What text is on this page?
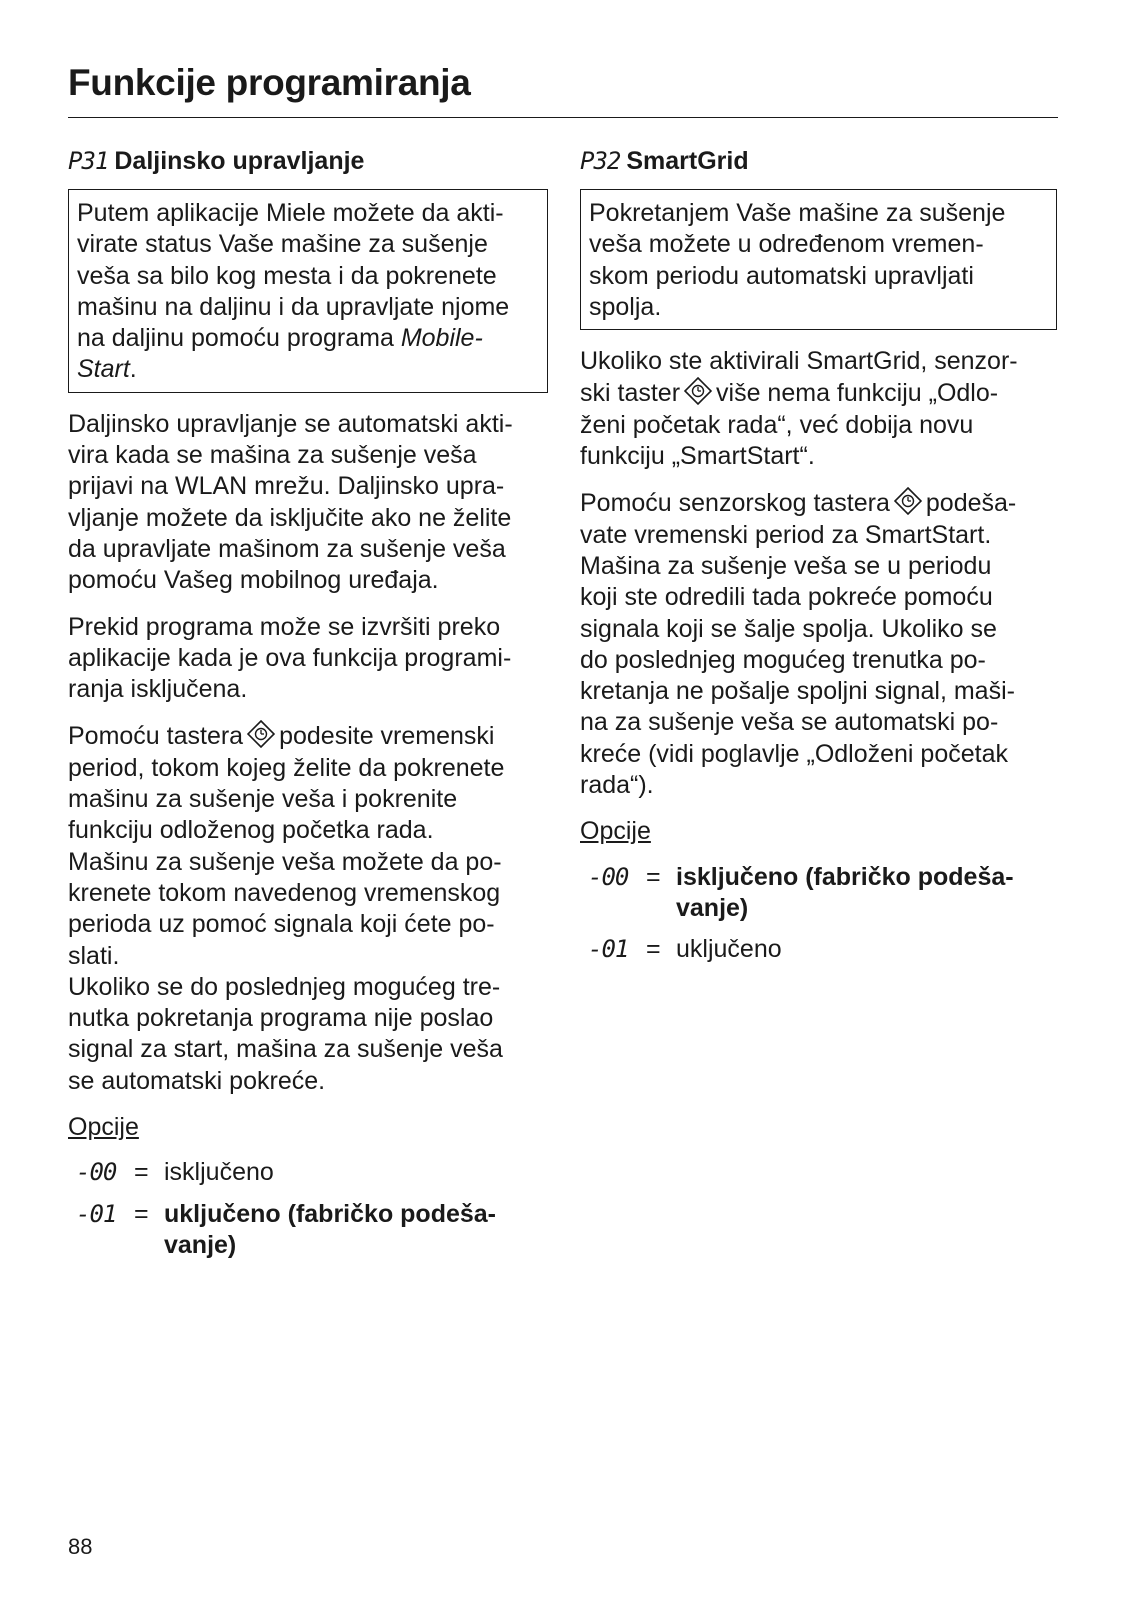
Funkcije programiranja
P31 Daljinsko upravljanje
Putem aplikacije Miele možete da akti-
virate status Vaše mašine za sušenje
veša sa bilo kog mesta i da pokrenete
mašinu na daljinu i da upravljate njome
na daljinu pomoću programa Mobile-
Start.
Daljinsko upravljanje se automatski akti-
vira kada se mašina za sušenje veša
prijavi na WLAN mrežu. Daljinsko upra-
vljanje možete da isključite ako ne želite
da upravljate mašinom za sušenje veša
pomoću Vašeg mobilnog uređaja.
Prekid programa može se izvršiti preko
aplikacije kada je ova funkcija programi-
ranja isključena.
Pomoću tastera podesite vremenski
period, tokom kojeg želite da pokrenete
mašinu za sušenje veša i pokrenite
funkciju odloženog početka rada.
Mašinu za sušenje veša možete da po-
krenete tokom navedenog vremenskog
perioda uz pomoć signala koji ćete po-
slati.
Ukoliko se do poslednjeg mogućeg tre-
nutka pokretanja programa nije poslao
signal za start, mašina za sušenje veša
se automatski pokreće.
Opcije
-00 = isključeno
-01 = uključeno (fabričko podeša-
vanje)
P32 SmartGrid
Pokretanjem Vaše mašine za sušenje
veša možete u određenom vremen-
skom periodu automatski upravljati
spolja.
Ukoliko ste aktivirali SmartGrid, senzor-
ski taster više nema funkciju „Odlo-
ženi početak rada“, već dobija novu
funkciju „SmartStart“.
Pomoću senzorskog tastera podeša-
vate vremenski period za SmartStart.
Mašina za sušenje veša se u periodu
koji ste odredili tada pokreće pomoću
signala koji se šalje spolja. Ukoliko se
do poslednjeg mogućeg trenutka po-
kretanja ne pošalje spoljni signal, maši-
na za sušenje veša se automatski po-
kreće (vidi poglavlje „Odloženi početak
rada“).
Opcije
-00 = isključeno (fabričko podeša-
vanje)
-01 = uključeno
88
